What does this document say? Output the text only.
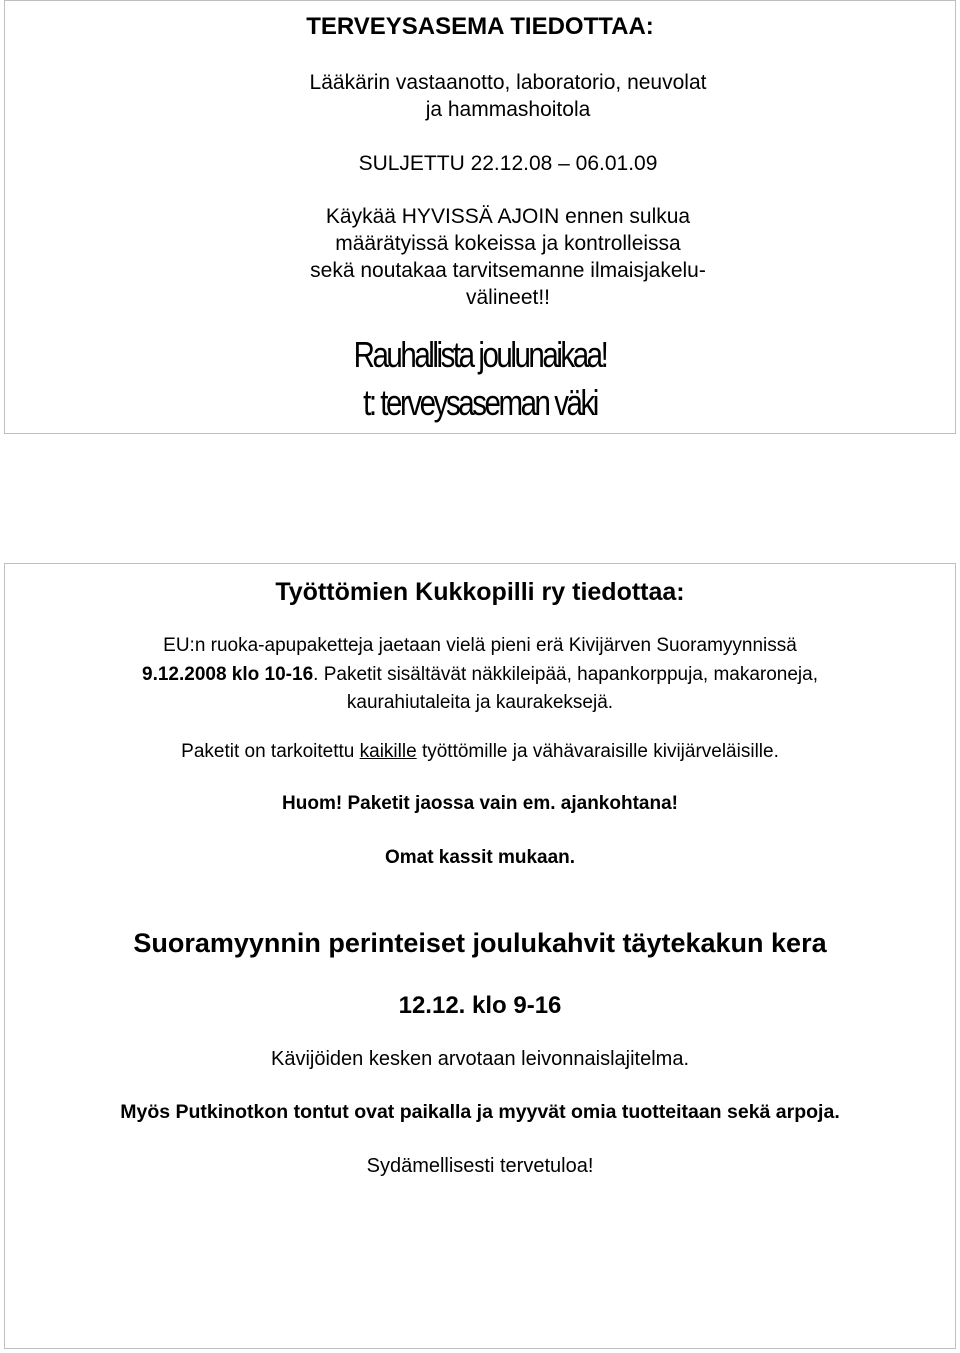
TERVEYSASEMA TIEDOTTAA:
Lääkärin vastaanotto, laboratorio, neuvolat
ja hammashoitola
SULJETTU 22.12.08 – 06.01.09
Käykää HYVISSÄ AJOIN ennen sulkua
määrätyissä kokeissa ja kontrolleissa
sekä noutakaa tarvitsemanne ilmaisjakelu-
välineet!!
Rauhallista joulunaikaa!
t: terveysaseman väki
Työttömien Kukkopilli ry tiedottaa:
EU:n ruoka-apupaketteja jaetaan vielä pieni erä Kivijärven Suoramyynnissä
9.12.2008 klo 10-16. Paketit sisältävät näkkileipää, hapankorppuja, makaroneja,
kaurahiutaleita ja kaurakeksejä.
Paketit on tarkoitettu kaikille työttömille ja vähävaraisille kivijärveläisille.
Huom! Paketit jaossa vain em. ajankohtana!
Omat kassit mukaan.
Suoramyynnin perinteiset joulukahvit täytekakun kera
12.12. klo 9-16
Kävijöiden kesken arvotaan leivonnaislajitelma.
Myös Putkinotkon tontut ovat paikalla ja myyvät omia tuotteitaan sekä arpoja.
Sydämellisesti tervetuloa!
